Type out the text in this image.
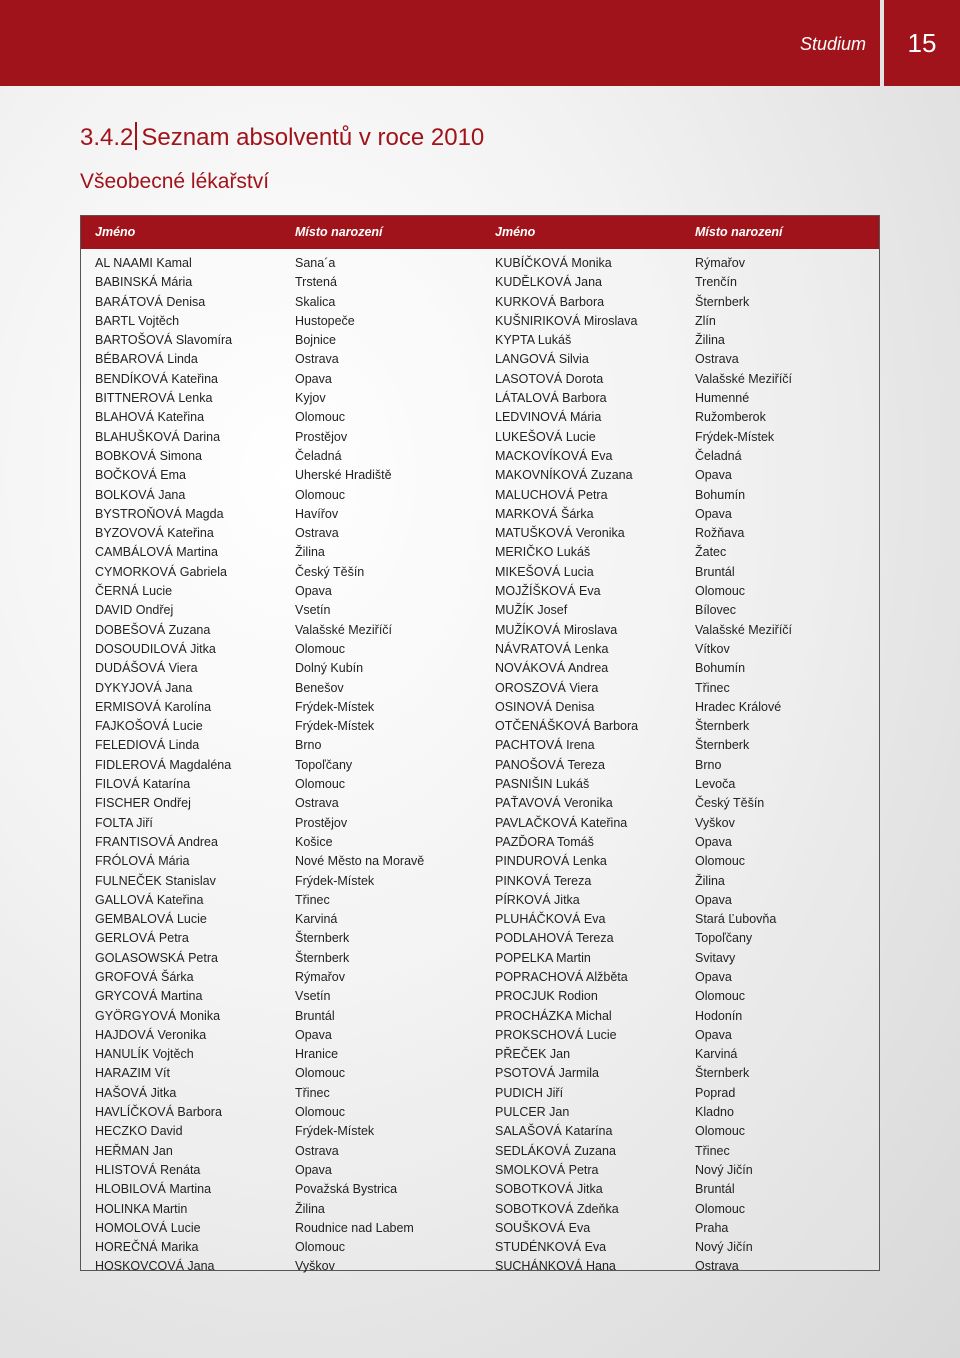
Studium	15
3.4.2 Seznam absolventů v roce 2010
Všeobecné lékařství
Jméno	Místo narození	Jméno	Místo narození
AL NAAMI Kamal	Sana´a	KUBÍČKOVÁ Monika	Rýmařov
BABINSKÁ Mária	Trstená	KUDĚLKOVÁ Jana	Trenčín
BARÁTOVÁ Denisa	Skalica	KURKOVÁ Barbora	Šternberk
BARTL Vojtěch	Hustopeče	KUŠNIRIKOVÁ Miroslava	Zlín
BARTOŠOVÁ Slavomíra	Bojnice	KYPTA Lukáš	Žilina
BÉBAROVÁ Linda	Ostrava	LANGOVÁ Silvia	Ostrava
BENDÍKOVÁ Kateřina	Opava	LASOTOVÁ Dorota	Valašské Meziříčí
BITTNEROVÁ Lenka	Kyjov	LÁTALOVÁ Barbora	Humenné
BLAHOVÁ Kateřina	Olomouc	LEDVINOVÁ Mária	Ružomberok
BLAHUŠKOVÁ Darina	Prostějov	LUKEŠOVÁ Lucie	Frýdek-Místek
BOBKOVÁ Simona	Čeladná	MACKOVÍKOVÁ Eva	Čeladná
BOČKOVÁ Ema	Uherské Hradiště	MAKOVNÍKOVÁ Zuzana	Opava
BOLKOVÁ Jana	Olomouc	MALUCHOVÁ Petra	Bohumín
BYSTROŇOVÁ Magda	Havířov	MARKOVÁ Šárka	Opava
BYZOVOVÁ Kateřina	Ostrava	MATUŠKOVÁ Veronika	Rožňava
CAMBÁLOVÁ Martina	Žilina	MERIČKO Lukáš	Žatec
CYMORKOVÁ Gabriela	Český Těšín	MIKEŠOVÁ Lucia	Bruntál
ČERNÁ Lucie	Opava	MOJŽÍŠKOVÁ Eva	Olomouc
DAVID Ondřej	Vsetín	MUŽÍK Josef	Bílovec
DOBEŠOVÁ Zuzana	Valašské Meziříčí	MUŽÍKOVÁ Miroslava	Valašské Meziříčí
DOSOUDILOVÁ Jitka	Olomouc	NÁVRATOVÁ Lenka	Vítkov
DUDÁŠOVÁ Viera	Dolný Kubín	NOVÁKOVÁ Andrea	Bohumín
DYKYJOVÁ Jana	Benešov	OROSZOVÁ Viera	Třinec
ERMISOVÁ Karolína	Frýdek-Místek	OSINOVÁ Denisa	Hradec Králové
FAJKOŠOVÁ Lucie	Frýdek-Místek	OTČENÁŠKOVÁ Barbora	Šternberk
FELEDIOVÁ Linda	Brno	PACHTOVÁ Irena	Šternberk
FIDLEROVÁ Magdaléna	Topoľčany	PANOŠOVÁ Tereza	Brno
FILOVÁ Katarína	Olomouc	PASNIŠIN Lukáš	Levoča
FISCHER Ondřej	Ostrava	PAŤAVOVÁ Veronika	Český Těšín
FOLTA Jiří	Prostějov	PAVLAČKOVÁ Kateřina	Vyškov
FRANTISOVÁ Andrea	Košice	PAZĎORA Tomáš	Opava
FRÓLOVÁ Mária	Nové Město na Moravě	PINDUROVÁ Lenka	Olomouc
FULNEČEK Stanislav	Frýdek-Místek	PINKOVÁ Tereza	Žilina
GALLOVÁ Kateřina	Třinec	PÍRKOVÁ Jitka	Opava
GEMBALOVÁ Lucie	Karviná	PLUHÁČKOVÁ Eva	Stará Ľubovňa
GERLOVÁ Petra	Šternberk	PODLAHOVÁ Tereza	Topoľčany
GOLASOWSKÁ Petra	Šternberk	POPELKA Martin	Svitavy
GROFOVÁ Šárka	Rýmařov	POPRACHOVÁ Alžběta	Opava
GRYCOVÁ Martina	Vsetín	PROCJUK Rodion	Olomouc
GYÖRGYOVÁ Monika	Bruntál	PROCHÁZKA Michal	Hodonín
HAJDOVÁ Veronika	Opava	PROKSCHOVÁ Lucie	Opava
HANULÍK Vojtěch	Hranice	PŘEČEK Jan	Karviná
HARAZIM Vít	Olomouc	PSOTOVÁ Jarmila	Šternberk
HAŠOVÁ Jitka	Třinec	PUDICH Jiří	Poprad
HAVLÍČKOVÁ Barbora	Olomouc	PULCER Jan	Kladno
HECZKO David	Frýdek-Místek	SALAŠOVÁ Katarína	Olomouc
HEŘMAN Jan	Ostrava	SEDLÁKOVÁ Zuzana	Třinec
HLISTOVÁ Renáta	Opava	SMOLKOVÁ Petra	Nový Jičín
HLOBILOVÁ Martina	Považská Bystrica	SOBOTKOVÁ Jitka	Bruntál
HOLINKA Martin	Žilina	SOBOTKOVÁ Zdeňka	Olomouc
HOMOLOVÁ Lucie	Roudnice nad Labem	SOUŠKOVÁ Eva	Praha
HOREČNÁ Marika	Olomouc	STUDÉNKOVÁ Eva	Nový Jičín
HOSKOVCOVÁ Jana	Vyškov	SUCHÁNKOVÁ Hana	Ostrava
